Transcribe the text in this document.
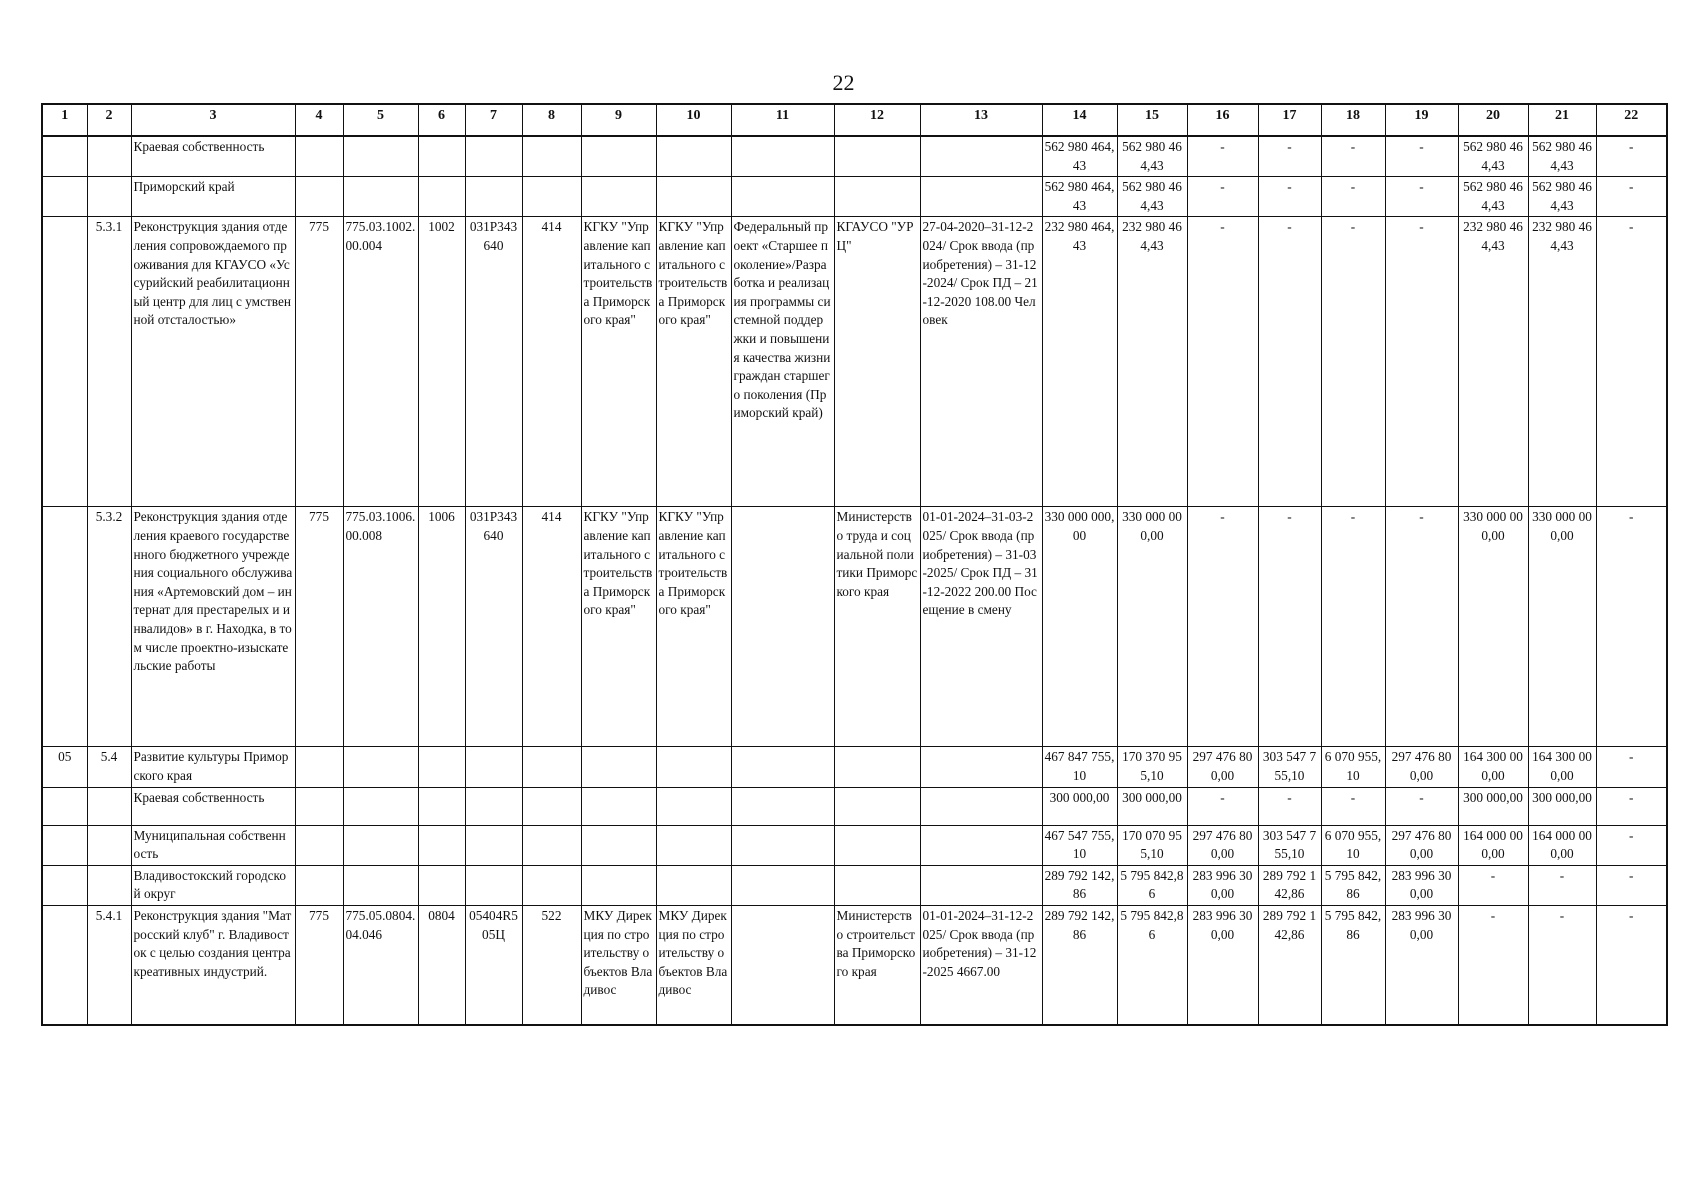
22
1	2	3	4	5	6	7	8	9	10	11	12	13	14	15	16	17	18	19	20	21	22
		Краевая собственность											562 980 464,43	562 980 464,43	-	-	-	-	562 980 464,43	562 980 464,43	-
		Приморский край											562 980 464,43	562 980 464,43	-	-	-	-	562 980 464,43	562 980 464,43	-
	5.3.1	Реконструкция здания отделения сопровождаемого проживания для КГАУСО «Уссурийский реабилитационный центр для лиц с умственной отсталостью»	775	775.03.1002.00.004	1002	031P343640	414	КГКУ "Управление капитального строительства Приморского края"	КГКУ "Управление капитального строительства Приморского края"	Федеральный проект «Старшее поколение»/Разработка и реализация программы системной поддержки и повышения качества жизни граждан старшего поколения (Приморский край)	КГАУСО "УРЦ"	27-04-2020–31-12-2024/ Срок ввода (приобретения) – 31-12-2024/ Срок ПД – 21-12-2020 108.00 Человек	232 980 464,43	232 980 464,43	-	-	-	-	232 980 464,43	232 980 464,43	-
	5.3.2	Реконструкция здания отделения краевого государственного бюджетного учреждения социального обслуживания «Артемовский дом – интернат для престарелых и инвалидов» в г. Находка, в том числе проектно-изыскательские работы	775	775.03.1006.00.008	1006	031P343640	414	КГКУ "Управление капитального строительства Приморского края"	КГКУ "Управление капитального строительства Приморского края"		Министерство труда и социальной политики Приморского края	01-01-2024–31-03-2025/ Срок ввода (приобретения) – 31-03-2025/ Срок ПД – 31-12-2022 200.00 Посещение в смену	330 000 000,00	330 000 000,00	-	-	-	-	330 000 000,00	330 000 000,00	-
05	5.4	Развитие культуры Приморского края											467 847 755,10	170 370 955,10	297 476 800,00	303 547 755,10	6 070 955,10	297 476 800,00	164 300 000,00	164 300 000,00	-
		Краевая собственность											300 000,00	300 000,00	-	-	-	-	300 000,00	300 000,00	-
		Муниципальная собственность											467 547 755,10	170 070 955,10	297 476 800,00	303 547 755,10	6 070 955,10	297 476 800,00	164 000 000,00	164 000 000,00	-
		Владивостокский городской округ											289 792 142,86	5 795 842,86	283 996 300,00	289 792 142,86	5 795 842,86	283 996 300,00	-	-	-
	5.4.1	Реконструкция здания "Матросский клуб" г. Владивосток с целью создания центра креативных индустрий.	775	775.05.0804.04.046	0804	05404R505Ц	522	МКУ Дирекция по строительству объектов Владивос	МКУ Дирекция по строительству объектов Владивос		Министерство строительства Приморского края	01-01-2024–31-12-2025/ Срок ввода (приобретения) – 31-12-2025 4667.00	289 792 142,86	5 795 842,86	283 996 300,00	289 792 142,86	5 795 842,86	283 996 300,00	-	-	-
